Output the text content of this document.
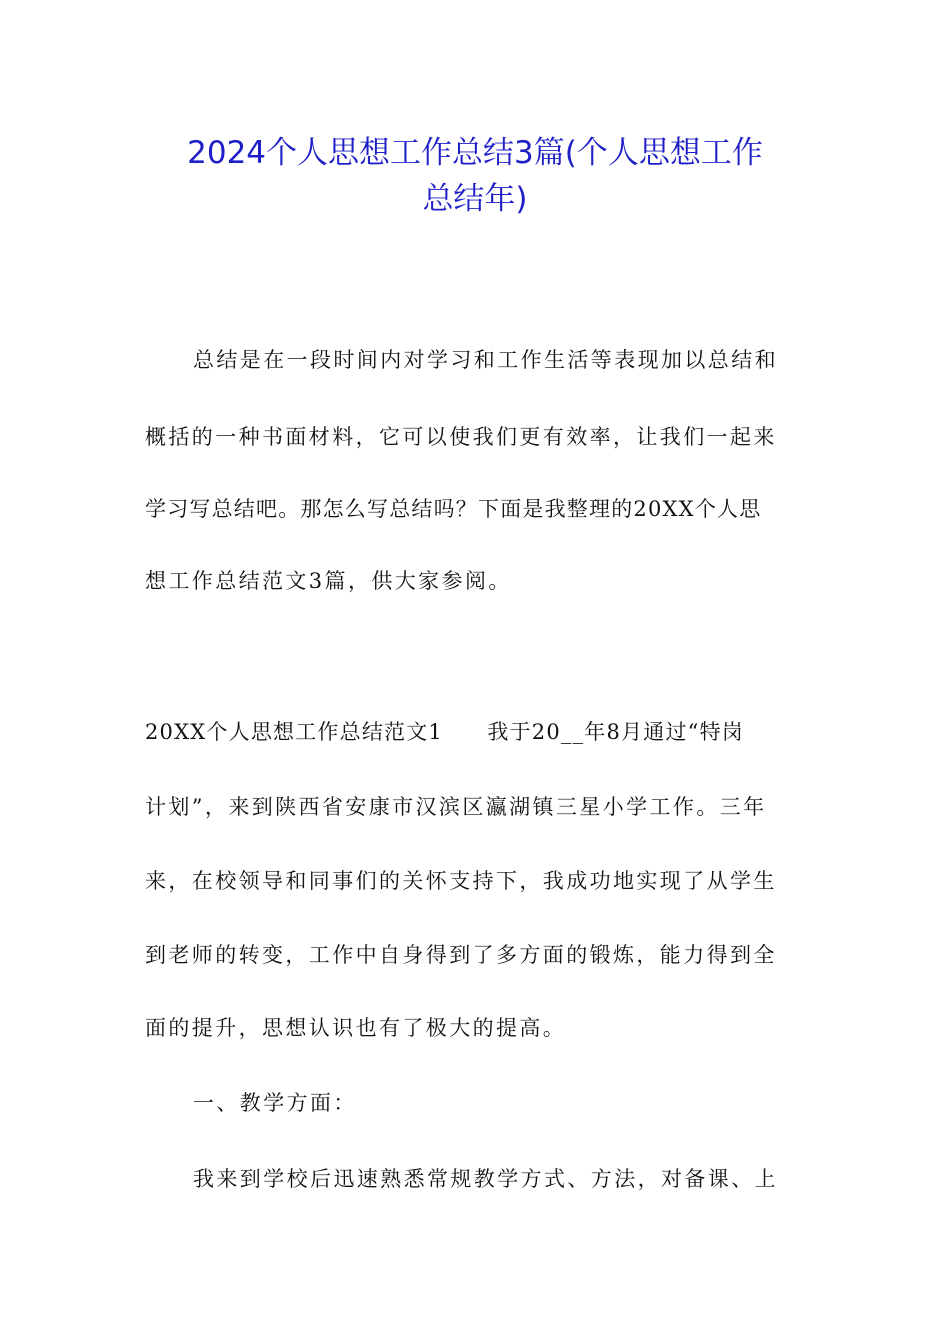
2024个人思想工作总结3篇(个人思想工作
总结年)
总结是在一段时间内对学习和工作生活等表现加以总结和
概括的一种书面材料，它可以使我们更有效率，让我们一起来
学习写总结吧。那怎么写总结吗？下面是我整理的20XX个人思
想工作总结范文3篇，供大家参阅。
20XX个人思想工作总结范文1　　我于20__年8月通过“特岗
计划”，来到陕西省安康市汉滨区瀛湖镇三星小学工作。三年
来，在校领导和同事们的关怀支持下，我成功地实现了从学生
到老师的转变，工作中自身得到了多方面的锻炼，能力得到全
面的提升，思想认识也有了极大的提高。
一、教学方面：
我来到学校后迅速熟悉常规教学方式、方法，对备课、上
